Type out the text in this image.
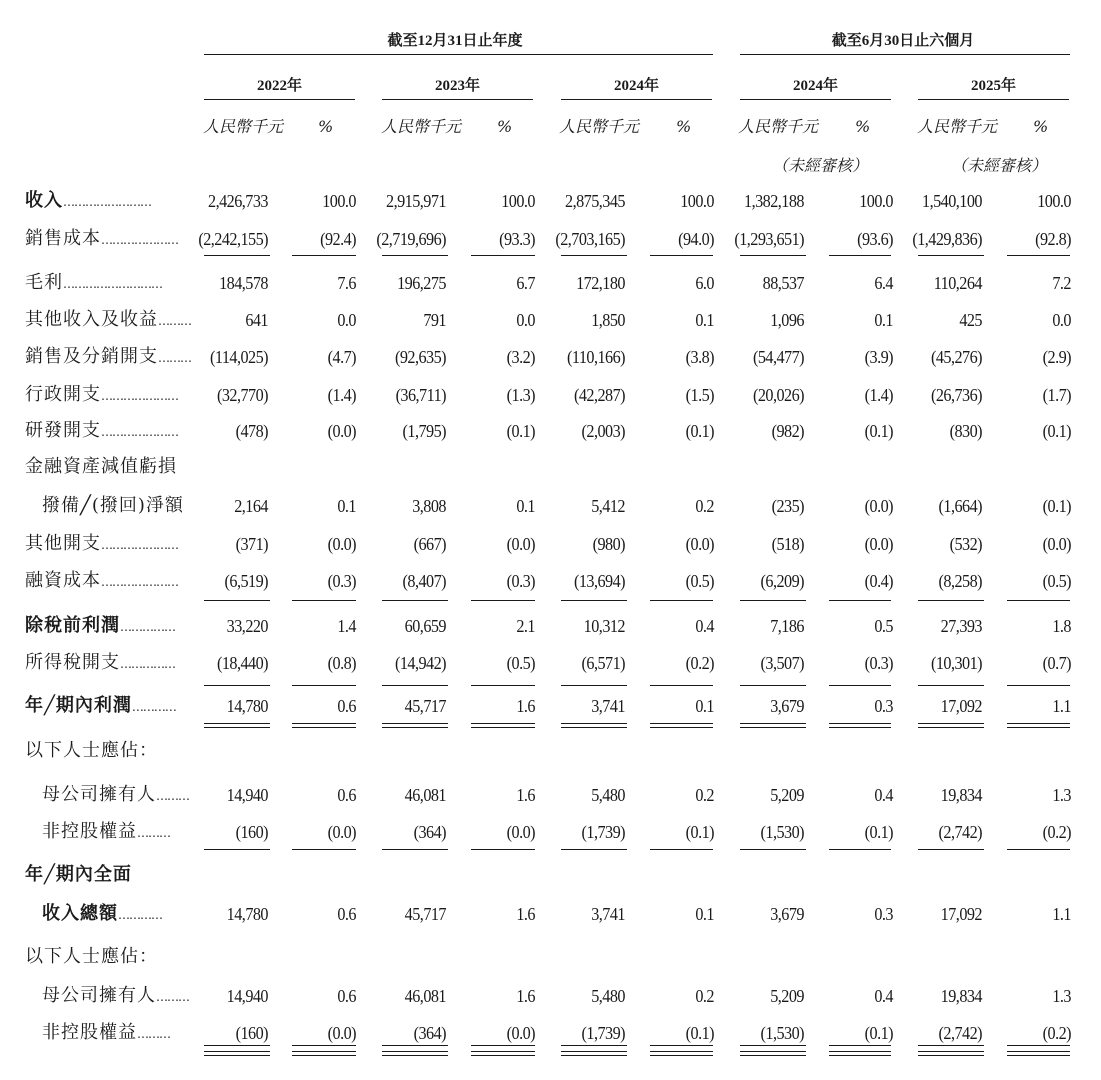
截至12月31日止年度	截至6月30日止六個月
2022年	2023年	2024年	2024年	2025年
人民幣千元 %	人民幣千元 %	人民幣千元 %	人民幣千元 %	人民幣千元 %
（未經審核）	（未經審核）
收入……………………	2,426,733	100.0	2,915,971	100.0	2,875,345	100.0	1,382,188	100.0	1,540,100	100.0
銷售成本…………………	(2,242,155)	(92.4)	(2,719,696)	(93.3)	(2,703,165)	(94.0)	(1,293,651)	(93.6)	(1,429,836)	(92.8)
毛利………………………	184,578	7.6	196,275	6.7	172,180	6.0	88,537	6.4	110,264	7.2
其他收入及收益………	641	0.0	791	0.0	1,850	0.1	1,096	0.1	425	0.0
銷售及分銷開支………	(114,025)	(4.7)	(92,635)	(3.2)	(110,166)	(3.8)	(54,477)	(3.9)	(45,276)	(2.9)
行政開支…………………	(32,770)	(1.4)	(36,711)	(1.3)	(42,287)	(1.5)	(20,026)	(1.4)	(26,736)	(1.7)
研發開支…………………	(478)	(0.0)	(1,795)	(0.1)	(2,003)	(0.1)	(982)	(0.1)	(830)	(0.1)
金融資產減值虧損
撥備╱(撥回)淨額	2,164	0.1	3,808	0.1	5,412	0.2	(235)	(0.0)	(1,664)	(0.1)
其他開支…………………	(371)	(0.0)	(667)	(0.0)	(980)	(0.0)	(518)	(0.0)	(532)	(0.0)
融資成本…………………	(6,519)	(0.3)	(8,407)	(0.3)	(13,694)	(0.5)	(6,209)	(0.4)	(8,258)	(0.5)
除稅前利潤……………	33,220	1.4	60,659	2.1	10,312	0.4	7,186	0.5	27,393	1.8
所得稅開支……………	(18,440)	(0.8)	(14,942)	(0.5)	(6,571)	(0.2)	(3,507)	(0.3)	(10,301)	(0.7)
年╱期內利潤…………	14,780	0.6	45,717	1.6	3,741	0.1	3,679	0.3	17,092	1.1
以下人士應佔：
母公司擁有人………	14,940	0.6	46,081	1.6	5,480	0.2	5,209	0.4	19,834	1.3
非控股權益………	(160)	(0.0)	(364)	(0.0)	(1,739)	(0.1)	(1,530)	(0.1)	(2,742)	(0.2)
年╱期內全面
收入總額…………	14,780	0.6	45,717	1.6	3,741	0.1	3,679	0.3	17,092	1.1
以下人士應佔：
母公司擁有人………	14,940	0.6	46,081	1.6	5,480	0.2	5,209	0.4	19,834	1.3
非控股權益………	(160)	(0.0)	(364)	(0.0)	(1,739)	(0.1)	(1,530)	(0.1)	(2,742)	(0.2)
